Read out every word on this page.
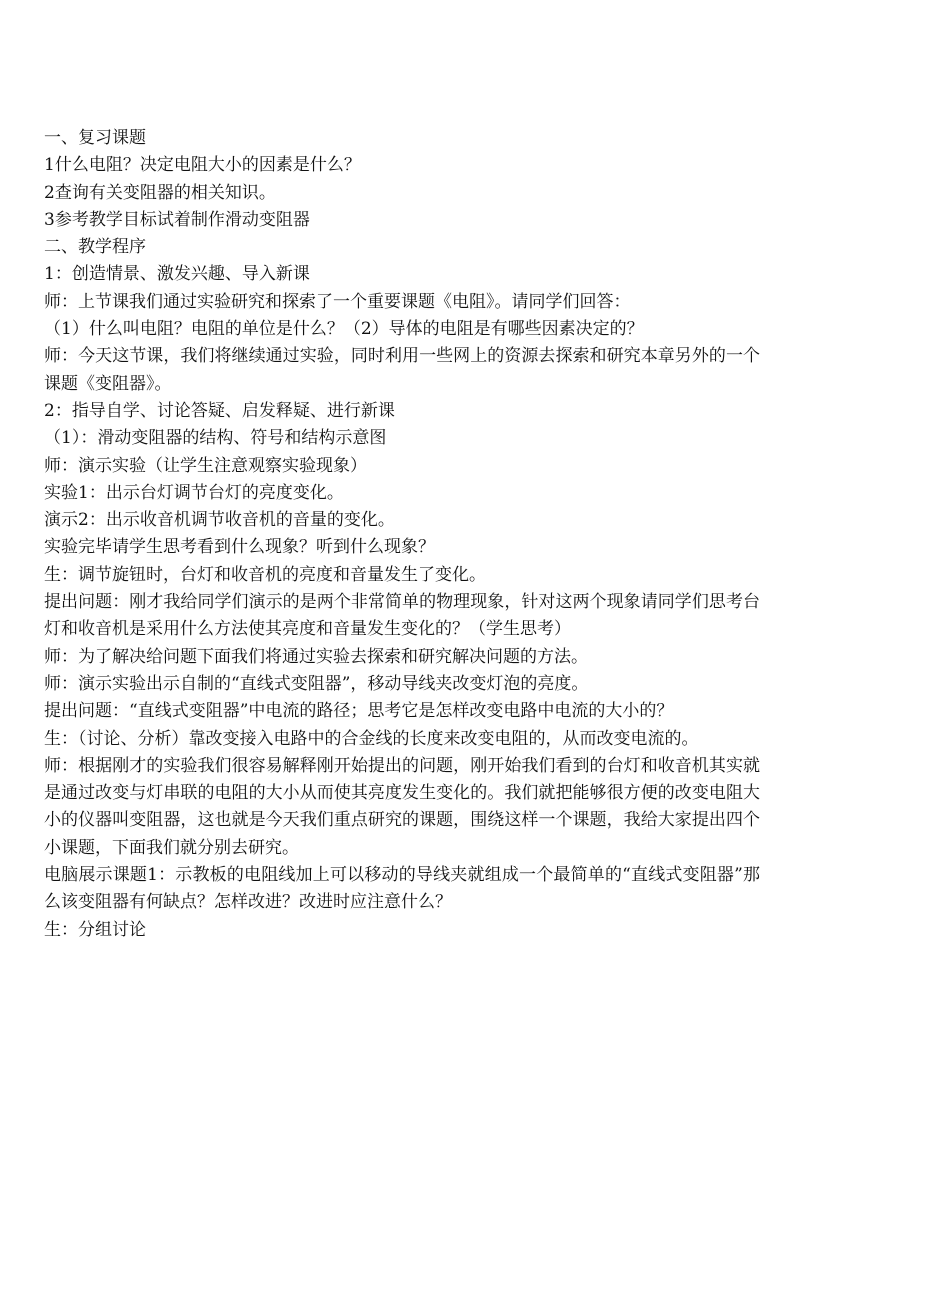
一、复习课题

1什么电阻？决定电阻大小的因素是什么？

2查询有关变阻器的相关知识。

3参考教学目标试着制作滑动变阻器

二、教学程序

1：创造情景、激发兴趣、导入新课

师：上节课我们通过实验研究和探索了一个重要课题《电阻》。请同学们回答：

（1）什么叫电阻？电阻的单位是什么？（2）导体的电阻是有哪些因素决定的？

师：今天这节课，我们将继续通过实验，同时利用一些网上的资源去探索和研究本章另外的一个课题《变阻器》。

2：指导自学、讨论答疑、启发释疑、进行新课

（1）：滑动变阻器的结构、符号和结构示意图

师：演示实验（让学生注意观察实验现象）

实验1：出示台灯调节台灯的亮度变化。

演示2：出示收音机调节收音机的音量的变化。

实验完毕请学生思考看到什么现象？听到什么现象？

生：调节旋钮时，台灯和收音机的亮度和音量发生了变化。

提出问题：刚才我给同学们演示的是两个非常简单的物理现象，针对这两个现象请同学们思考台灯和收音机是采用什么方法使其亮度和音量发生变化的？（学生思考）

师：为了解决给问题下面我们将通过实验去探索和研究解决问题的方法。

师：演示实验出示自制的“直线式变阻器”，移动导线夹改变灯泡的亮度。

提出问题：“直线式变阻器”中电流的路径；思考它是怎样改变电路中电流的大小的？

生：（讨论、分析）靠改变接入电路中的合金线的长度来改变电阻的，从而改变电流的。

师：根据刚才的实验我们很容易解释刚开始提出的问题，刚开始我们看到的台灯和收音机其实就是通过改变与灯串联的电阻的大小从而使其亮度发生变化的。我们就把能够很方便的改变电阻大小的仪器叫变阻器，这也就是今天我们重点研究的课题，围绕这样一个课题，我给大家提出四个小课题，下面我们就分别去研究。

电脑展示课题1：示教板的电阻线加上可以移动的导线夹就组成一个最简单的“直线式变阻器”那么该变阻器有何缺点？怎样改进？改进时应注意什么？

生：分组讨论
